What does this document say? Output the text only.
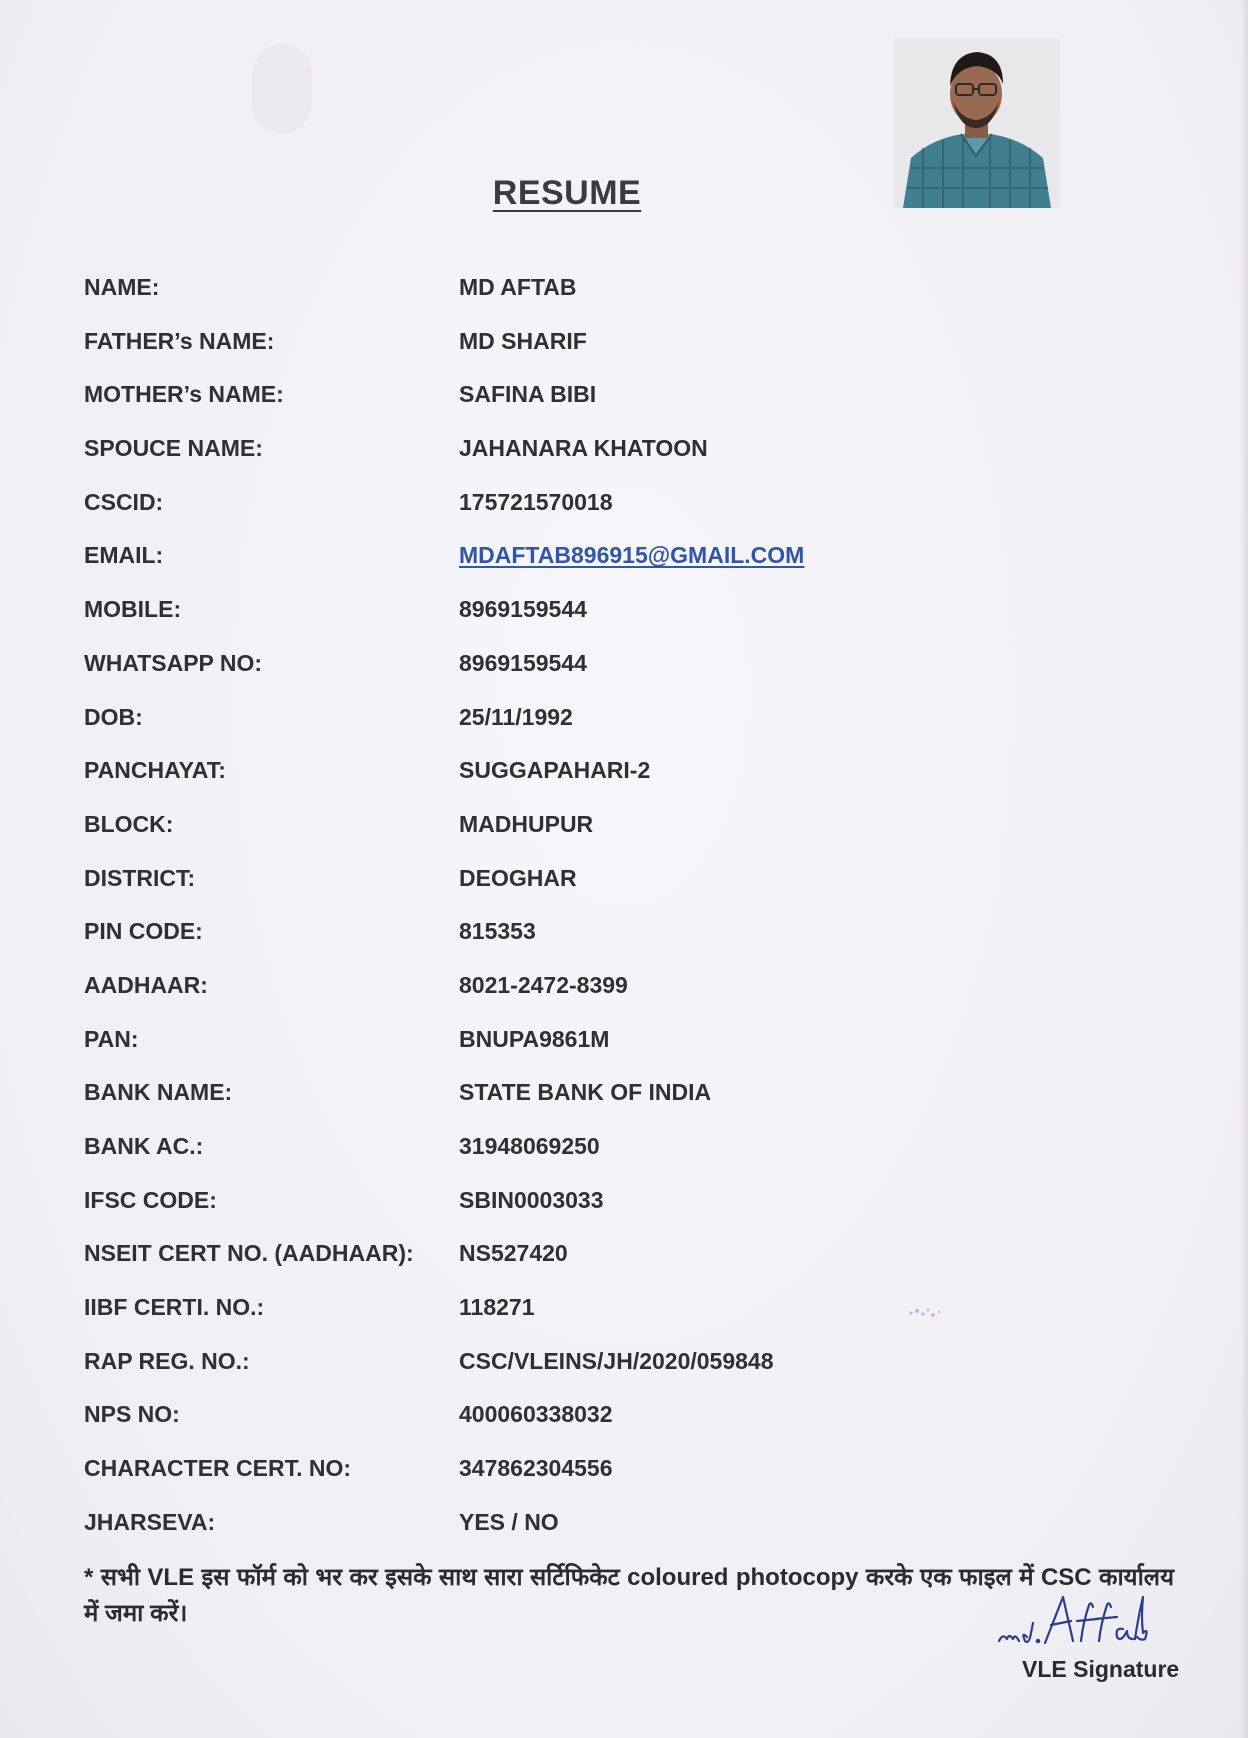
RESUME
NAME:	MD AFTAB
FATHER’s NAME:	MD SHARIF
MOTHER’s NAME:	SAFINA BIBI
SPOUCE NAME:	JAHANARA KHATOON
CSCID:	175721570018
EMAIL:	MDAFTAB896915@GMAIL.COM
MOBILE:	8969159544
WHATSAPP NO:	8969159544
DOB:	25/11/1992
PANCHAYAT:	SUGGAPAHARI-2
BLOCK:	MADHUPUR
DISTRICT:	DEOGHAR
PIN CODE:	815353
AADHAAR:	8021-2472-8399
PAN:	BNUPA9861M
BANK NAME:	STATE BANK OF INDIA
BANK AC.:	31948069250
IFSC CODE:	SBIN0003033
NSEIT CERT NO. (AADHAAR): NS527420
IIBF CERTI. NO.:	118271
RAP REG. NO.:	CSC/VLEINS/JH/2020/059848
NPS NO:	400060338032
CHARACTER CERT. NO:	347862304556
JHARSEVA:	YES / NO
* सभी VLE इस फॉर्म को भर कर इसके साथ सारा सर्टिफिकेट coloured photocopy करके एक फाइल में CSC कार्यालय में जमा करें।
VLE Signature
